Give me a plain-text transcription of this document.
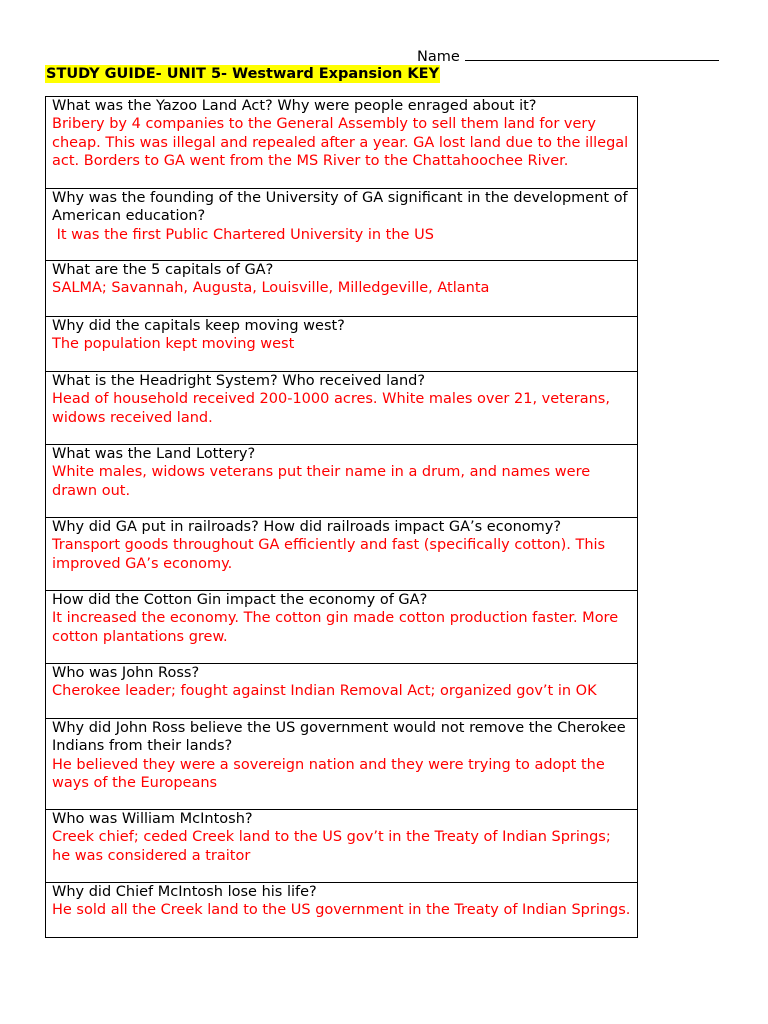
Name
STUDY GUIDE- UNIT 5- Westward Expansion KEY
What was the Yazoo Land Act? Why were people enraged about it?
Bribery by 4 companies to the General Assembly to sell them land for very cheap. This was illegal and repealed after a year. GA lost land due to the illegal act. Borders to GA went from the MS River to the Chattahoochee River.

Why was the founding of the University of GA significant in the development of American education?
It was the first Public Chartered University in the US

What are the 5 capitals of GA?
SALMA; Savannah, Augusta, Louisville, Milledgeville, Atlanta

Why did the capitals keep moving west?
The population kept moving west

What is the Headright System? Who received land?
Head of household received 200-1000 acres. White males over 21, veterans, widows received land.

What was the Land Lottery?
White males, widows veterans put their name in a drum, and names were drawn out.

Why did GA put in railroads? How did railroads impact GA’s economy?
Transport goods throughout GA efficiently and fast (specifically cotton). This improved GA’s economy.

How did the Cotton Gin impact the economy of GA?
It increased the economy. The cotton gin made cotton production faster. More cotton plantations grew.

Who was John Ross?
Cherokee leader; fought against Indian Removal Act; organized gov’t in OK

Why did John Ross believe the US government would not remove the Cherokee Indians from their lands?
He believed they were a sovereign nation and they were trying to adopt the ways of the Europeans

Who was William McIntosh?
Creek chief; ceded Creek land to the US gov’t in the Treaty of Indian Springs; he was considered a traitor

Why did Chief McIntosh lose his life?
He sold all the Creek land to the US government in the Treaty of Indian Springs.
